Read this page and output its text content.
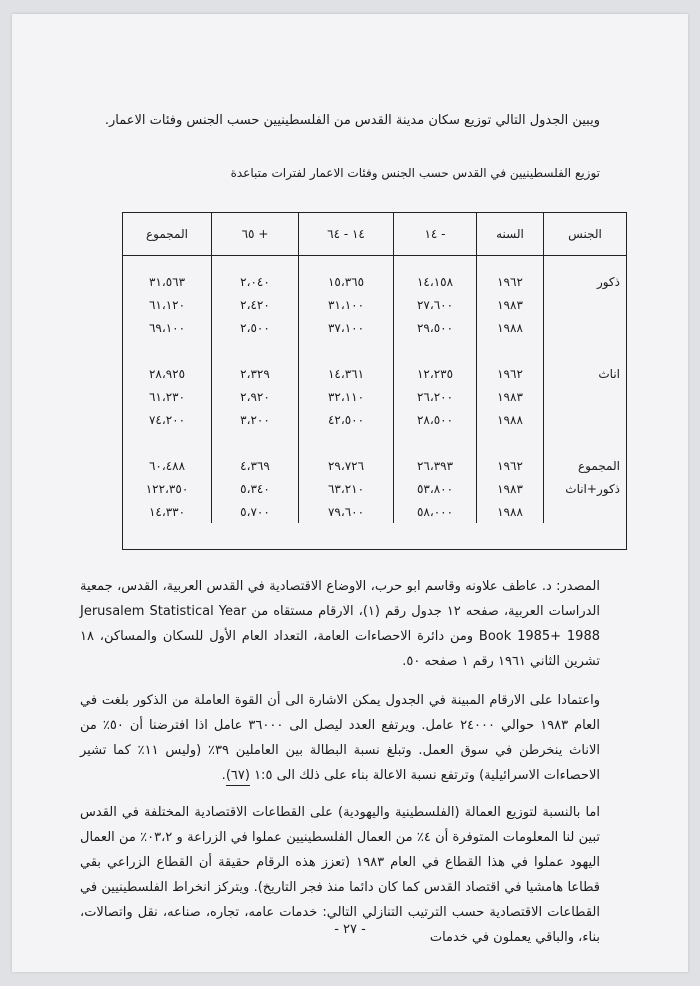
ويبين الجدول التالي توزيع سكان مدينة القدس من الفلسطينيين حسب الجنس وفئات الاعمار.

توزيع الفلسطينيين في القدس حسب الجنس وفئات الاعمار لفترات متباعدة

الجنس	السنه	- ١٤	١٤ - ٦٤	+ ٦٥	المجموع

ذكور	١٩٦٢	١٤،١٥٨	١٥،٣٦٥	٢،٠٤٠	٣١،٥٦٣
	١٩٨٣	٢٧،٦٠٠	٣١،١٠٠	٢،٤٢٠	٦١،١٢٠
	١٩٨٨	٢٩،٥٠٠	٣٧،١٠٠	٢،٥٠٠	٦٩،١٠٠

اناث	١٩٦٢	١٢،٢٣٥	١٤،٣٦١	٢،٣٢٩	٢٨،٩٢٥
	١٩٨٣	٢٦،٢٠٠	٣٢،١١٠	٢،٩٢٠	٦١،٢٣٠
	١٩٨٨	٢٨،٥٠٠	٤٢،٥٠٠	٣،٢٠٠	٧٤،٢٠٠

المجموع	١٩٦٢	٢٦،٣٩٣	٢٩،٧٢٦	٤،٣٦٩	٦٠،٤٨٨
ذكور+اناث	١٩٨٣	٥٣،٨٠٠	٦٣،٢١٠	٥،٣٤٠	١٢٢،٣٥٠
	١٩٨٨	٥٨،٠٠٠	٧٩،٦٠٠	٥،٧٠٠	١٤،٣٣٠

المصدر: د. عاطف علاونه وقاسم ابو حرب، الاوضاع الاقتصادية في القدس العربية، القدس، جمعية الدراسات العربية، صفحه ١٢ جدول رقم (١)، الارقام مستقاه من Jerusalem Statistical Year Book 1985+ 1988 ومن دائرة الاحصاءات العامة، التعداد العام الأول للسكان والمساكن، ١٨ تشرين الثاني ١٩٦١ رقم ١ صفحه ٥٠.

واعتمادا على الارقام المبينة في الجدول يمكن الاشارة الى أن القوة العاملة من الذكور بلغت في العام ١٩٨٣ حوالي ٢٤٠٠٠ عامل. ويرتفع العدد ليصل الى ٣٦٠٠٠ عامل اذا افترضنا أن ٥٠٪ من الاناث ينخرطن في سوق العمل. وتبلغ نسبة البطالة بين العاملين ٣٩٪ (وليس ١١٪ كما تشير الاحصاءات الاسرائيلية) وترتفع نسبة الاعالة بناء على ذلك الى ١:٥ (٦٧).

اما بالنسبة لتوزيع العمالة (الفلسطينية واليهودية) على القطاعات الاقتصادية المختلفة في القدس تبين لنا المعلومات المتوفرة أن ٤٪ من العمال الفلسطينيين عملوا في الزراعة و ٠٣،٢٪ من العمال اليهود عملوا في هذا القطاع في العام ١٩٨٣ (تعزز هذه الرقام حقيقة أن القطاع الزراعي بقي قطاعا هامشيا في اقتصاد القدس كما كان دائما منذ فجر التاريخ). ويتركز انخراط الفلسطينيين في القطاعات الاقتصادية حسب الترتيب التنازلي التالي: خدمات عامه، تجاره، صناعه، نقل واتصالات، بناء، والباقي يعملون في خدمات

- ٢٧ -
